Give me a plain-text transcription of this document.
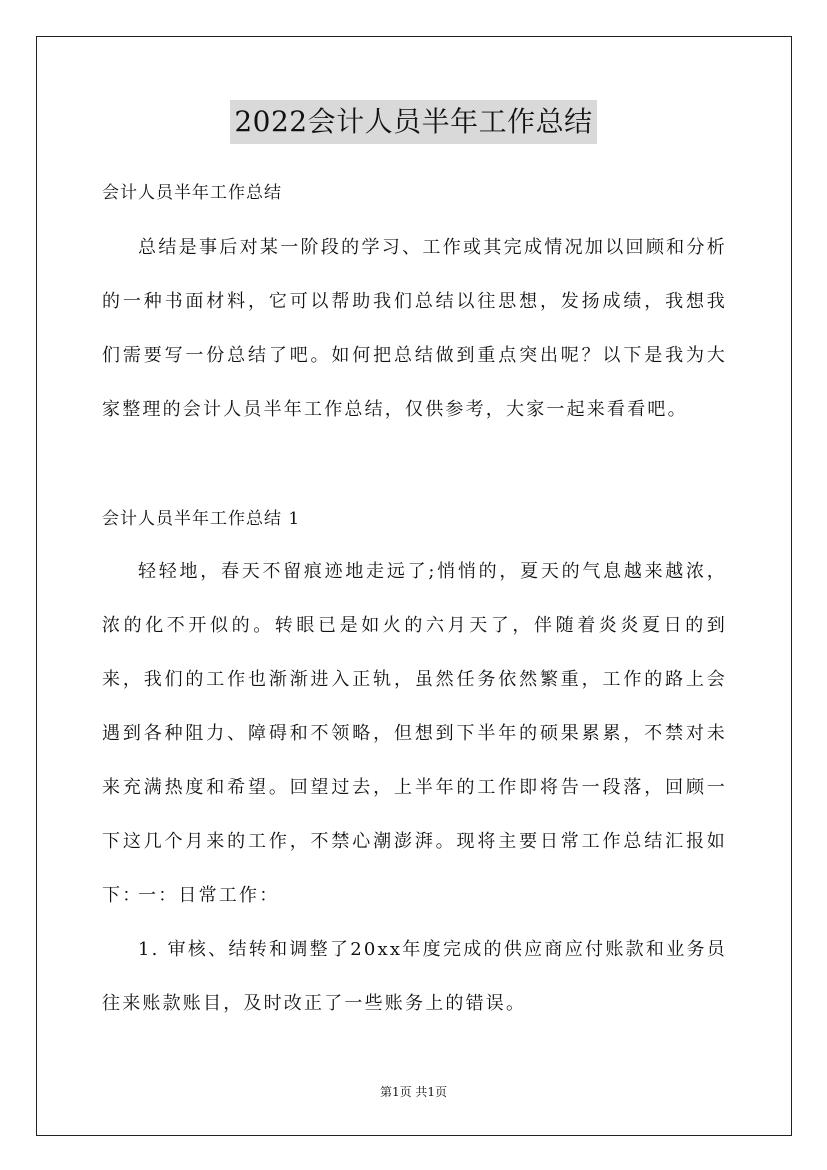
2022会计人员半年工作总结
会计人员半年工作总结

总结是事后对某一阶段的学习、工作或其完成情况加以回顾和分析的一种书面材料，它可以帮助我们总结以往思想，发扬成绩，我想我们需要写一份总结了吧。如何把总结做到重点突出呢？以下是我为大家整理的会计人员半年工作总结，仅供参考，大家一起来看看吧。

会计人员半年工作总结 1

轻轻地，春天不留痕迹地走远了;悄悄的，夏天的气息越来越浓，浓的化不开似的。转眼已是如火的六月天了，伴随着炎炎夏日的到来，我们的工作也渐渐进入正轨，虽然任务依然繁重，工作的路上会遇到各种阻力、障碍和不领略，但想到下半年的硕果累累，不禁对未来充满热度和希望。回望过去，上半年的工作即将告一段落，回顾一下这几个月来的工作，不禁心潮澎湃。现将主要日常工作总结汇报如下：

一：日常工作：

1. 审核、结转和调整了20xx年度完成的供应商应付账款和业务员往来账款账目，及时改正了一些账务上的错误。

第1页 共1页
